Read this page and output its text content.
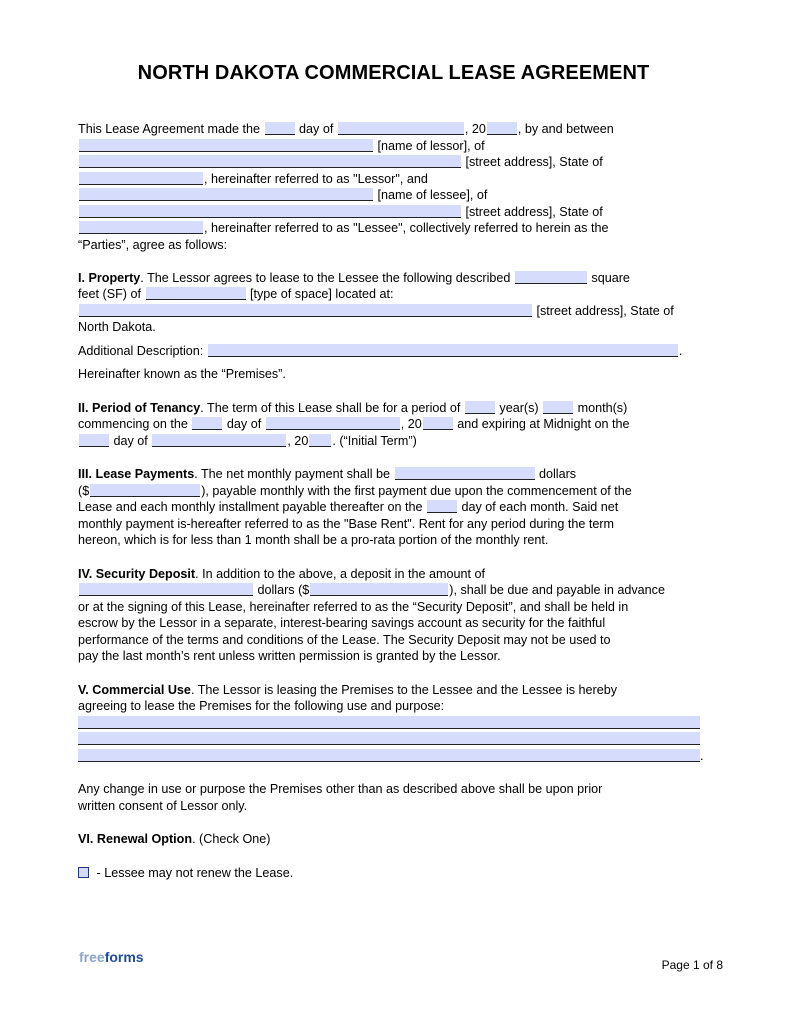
NORTH DAKOTA COMMERCIAL LEASE AGREEMENT
This Lease Agreement made the	day of	, 20	, by and between
[name of lessor], of
[street address], State of
, hereinafter referred to as "Lessor", and
[name of lessee], of
[street address], State of
, hereinafter referred to as "Lessee", collectively referred to herein as the
“Parties”, agree as follows:
I. Property. The Lessor agrees to lease to the Lessee the following described	square
feet (SF) of	[type of space] located at:
[street address], State of
North Dakota.
Additional Description:	.
Hereinafter known as the “Premises”.
II. Period of Tenancy. The term of this Lease shall be for a period of	year(s)	month(s)
commencing on the	day of	, 20	and expiring at Midnight on the
day of	, 20 . (“Initial Term”)
III. Lease Payments. The net monthly payment shall be	dollars
($	), payable monthly with the first payment due upon the commencement of the
Lease and each monthly installment payable thereafter on the	day of each month. Said net
monthly payment is-hereafter referred to as the "Base Rent". Rent for any period during the term
hereon, which is for less than 1 month shall be a pro-rata portion of the monthly rent.
IV. Security Deposit. In addition to the above, a deposit in the amount of
dollars ($	), shall be due and payable in advance
or at the signing of this Lease, hereinafter referred to as the “Security Deposit”, and shall be held in
escrow by the Lessor in a separate, interest-bearing savings account as security for the faithful
performance of the terms and conditions of the Lease. The Security Deposit may not be used to
pay the last month’s rent unless written permission is granted by the Lessor.
V. Commercial Use. The Lessor is leasing the Premises to the Lessee and the Lessee is hereby
agreeing to lease the Premises for the following use and purpose:
.
Any change in use or purpose the Premises other than as described above shall be upon prior
written consent of Lessor only.
VI. Renewal Option. (Check One)
- Lessee may not renew the Lease.
freeforms	Page 1 of 8
